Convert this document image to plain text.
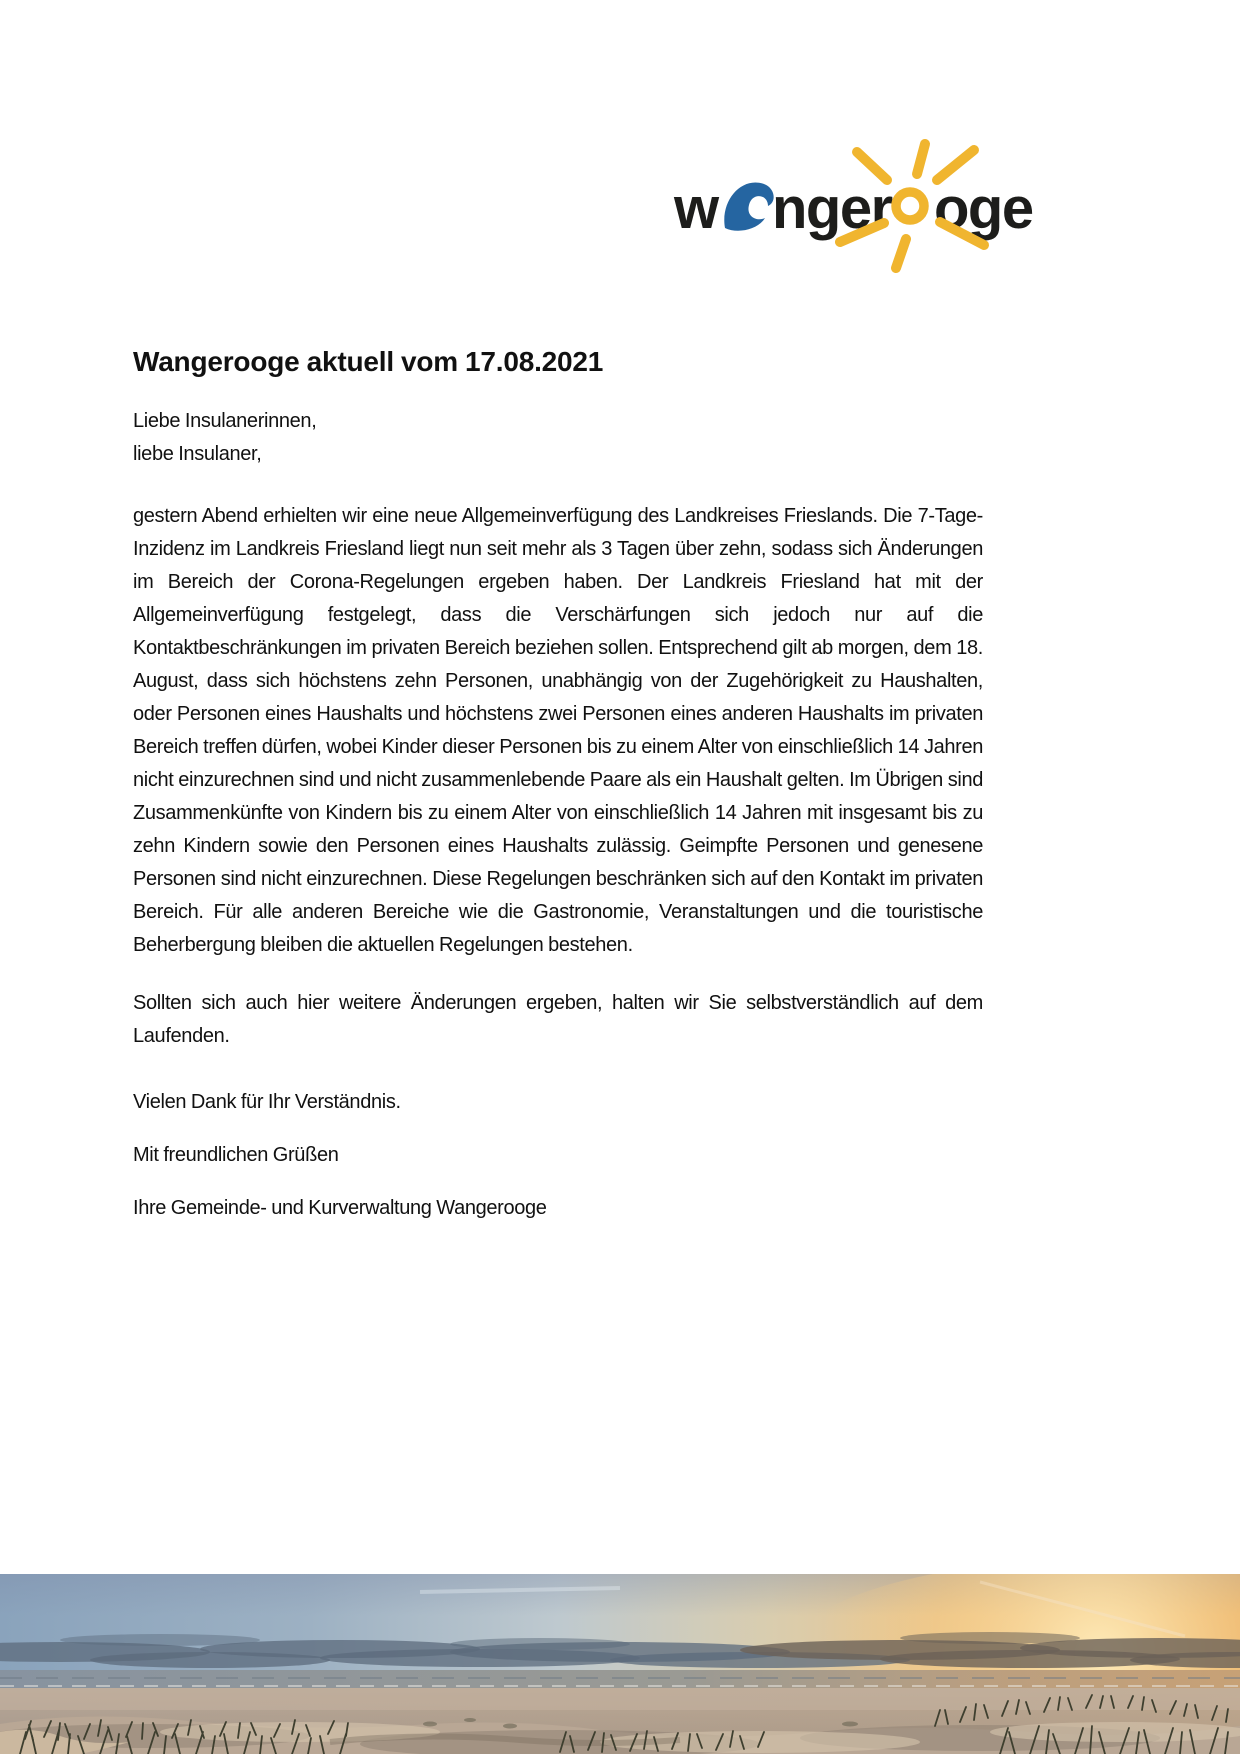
w nger oge
Wangerooge aktuell vom 17.08.2021
Liebe Insulanerinnen,
liebe Insulaner,

gestern Abend erhielten wir eine neue Allgemeinverfügung des Landkreises Frieslands. Die 7-Tage-Inzidenz im Landkreis Friesland liegt nun seit mehr als 3 Tagen über zehn, sodass sich Änderungen im Bereich der Corona-Regelungen ergeben haben. Der Landkreis Friesland hat mit der Allgemeinverfügung festgelegt, dass die Verschärfungen sich jedoch nur auf die Kontaktbeschränkungen im privaten Bereich beziehen sollen. Entsprechend gilt ab morgen, dem 18. August, dass sich höchstens zehn Personen, unabhängig von der Zugehörigkeit zu Haushalten, oder Personen eines Haushalts und höchstens zwei Personen eines anderen Haushalts im privaten Bereich treffen dürfen, wobei Kinder dieser Personen bis zu einem Alter von einschließlich 14 Jahren nicht einzurechnen sind und nicht zusammenlebende Paare als ein Haushalt gelten. Im Übrigen sind Zusammenkünfte von Kindern bis zu einem Alter von einschließlich 14 Jahren mit insgesamt bis zu zehn Kindern sowie den Personen eines Haushalts zulässig. Geimpfte Personen und genesene Personen sind nicht einzurechnen. Diese Regelungen beschränken sich auf den Kontakt im privaten Bereich. Für alle anderen Bereiche wie die Gastronomie, Veranstaltungen und die touristische Beherbergung bleiben die aktuellen Regelungen bestehen.

Sollten sich auch hier weitere Änderungen ergeben, halten wir Sie selbstverständlich auf dem Laufenden.

Vielen Dank für Ihr Verständnis.

Mit freundlichen Grüßen

Ihre Gemeinde- und Kurverwaltung Wangerooge
